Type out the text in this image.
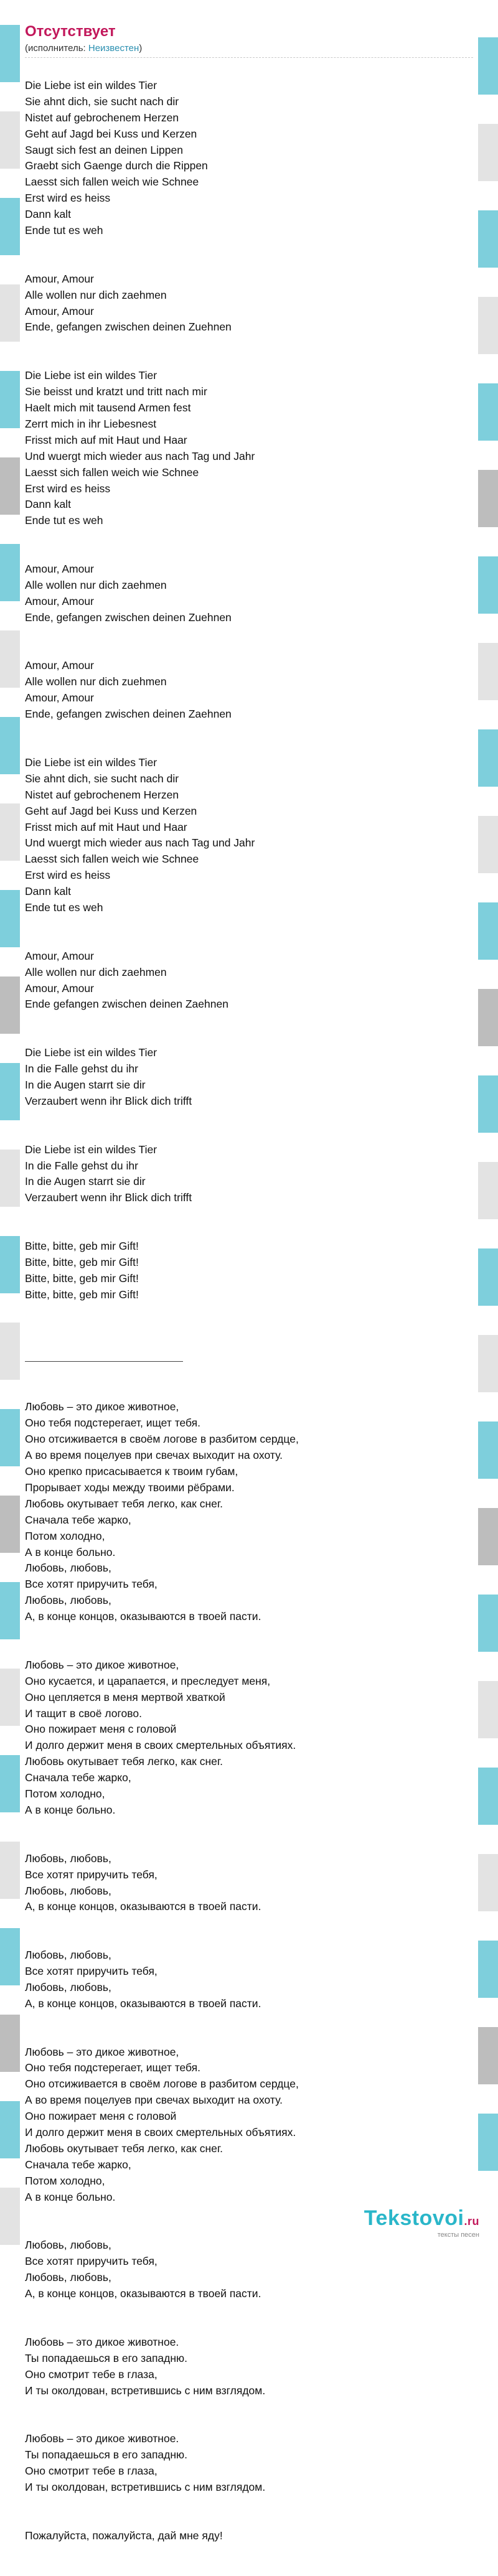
Отсутствует
(исполнитель: Неизвестен)

Die Liebe ist ein wildes Tier
Sie ahnt dich, sie sucht nach dir
Nistet auf gebrochenem Herzen
Geht auf Jagd bei Kuss und Kerzen
Saugt sich fest an deinen Lippen
Graebt sich Gaenge durch die Rippen
Laesst sich fallen weich wie Schnee
Erst wird es heiss
Dann kalt
Ende tut es weh

Amour, Amour
Alle wollen nur dich zaehmen
Amour, Amour
Ende, gefangen zwischen deinen Zuehnen

Die Liebe ist ein wildes Tier
Sie beisst und kratzt und tritt nach mir
Haelt mich mit tausend Armen fest
Zerrt mich in ihr Liebesnest
Frisst mich auf mit Haut und Haar
Und wuergt mich wieder aus nach Tag und Jahr
Laesst sich fallen weich wie Schnee
Erst wird es heiss
Dann kalt
Ende tut es weh

Amour, Amour
Alle wollen nur dich zaehmen
Amour, Amour
Ende, gefangen zwischen deinen Zuehnen

Amour, Amour
Alle wollen nur dich zuehmen
Amour, Amour
Ende, gefangen zwischen deinen Zaehnen

Die Liebe ist ein wildes Tier
Sie ahnt dich, sie sucht nach dir
Nistet auf gebrochenem Herzen
Geht auf Jagd bei Kuss und Kerzen
Frisst mich auf mit Haut und Haar
Und wuergt mich wieder aus nach Tag und Jahr
Laesst sich fallen weich wie Schnee
Erst wird es heiss
Dann kalt
Ende tut es weh

Amour, Amour
Alle wollen nur dich zaehmen
Amour, Amour
Ende gefangen zwischen deinen Zaehnen

Die Liebe ist ein wildes Tier
In die Falle gehst du ihr
In die Augen starrt sie dir
Verzaubert wenn ihr Blick dich trifft

Die Liebe ist ein wildes Tier
In die Falle gehst du ihr
In die Augen starrt sie dir
Verzaubert wenn ihr Blick dich trifft

Bitte, bitte, geb mir Gift!
Bitte, bitte, geb mir Gift!
Bitte, bitte, geb mir Gift!
Bitte, bitte, geb mir Gift!

Любовь – это дикое животное,
Оно тебя подстерегает, ищет тебя.
Оно отсиживается в своём логове в разбитом сердце,
А во время поцелуев при свечах выходит на охоту.
Оно крепко присасывается к твоим губам,
Прорывает ходы между твоими рёбрами.
Любовь окутывает тебя легко, как снег.
Сначала тебе жарко,
Потом холодно,
А в конце больно.
Любовь, любовь,
Все хотят приручить тебя,
Любовь, любовь,
А, в конце концов, оказываются в твоей пасти.

Любовь – это дикое животное,
Оно кусается, и царапается, и преследует меня,
Оно цепляется в меня мертвой хваткой
И тащит в своё логово.
Оно пожирает меня с головой
И долго держит меня в своих смертельных объятиях.
Любовь окутывает тебя легко, как снег.
Сначала тебе жарко,
Потом холодно,
А в конце больно.

Любовь, любовь,
Все хотят приручить тебя,
Любовь, любовь,
А, в конце концов, оказываются в твоей пасти.

Любовь, любовь,
Все хотят приручить тебя,
Любовь, любовь,
А, в конце концов, оказываются в твоей пасти.

Любовь – это дикое животное,
Оно тебя подстерегает, ищет тебя.
Оно отсиживается в своём логове в разбитом сердце,
А во время поцелуев при свечах выходит на охоту.
Оно пожирает меня с головой
И долго держит меня в своих смертельных объятиях.
Любовь окутывает тебя легко, как снег.
Сначала тебе жарко,
Потом холодно,
А в конце больно.

Любовь, любовь,
Все хотят приручить тебя,
Любовь, любовь,
А, в конце концов, оказываются в твоей пасти.

Любовь – это дикое животное.
Ты попадаешься в его западню.
Оно смотрит тебе в глаза,
И ты околдован, встретившись с ним взглядом.

Любовь – это дикое животное.
Ты попадаешься в его западню.
Оно смотрит тебе в глаза,
И ты околдован, встретившись с ним взглядом.

Пожалуйста, пожалуйста, дай мне яду!

Tekstovoi.ru
тексты песен
